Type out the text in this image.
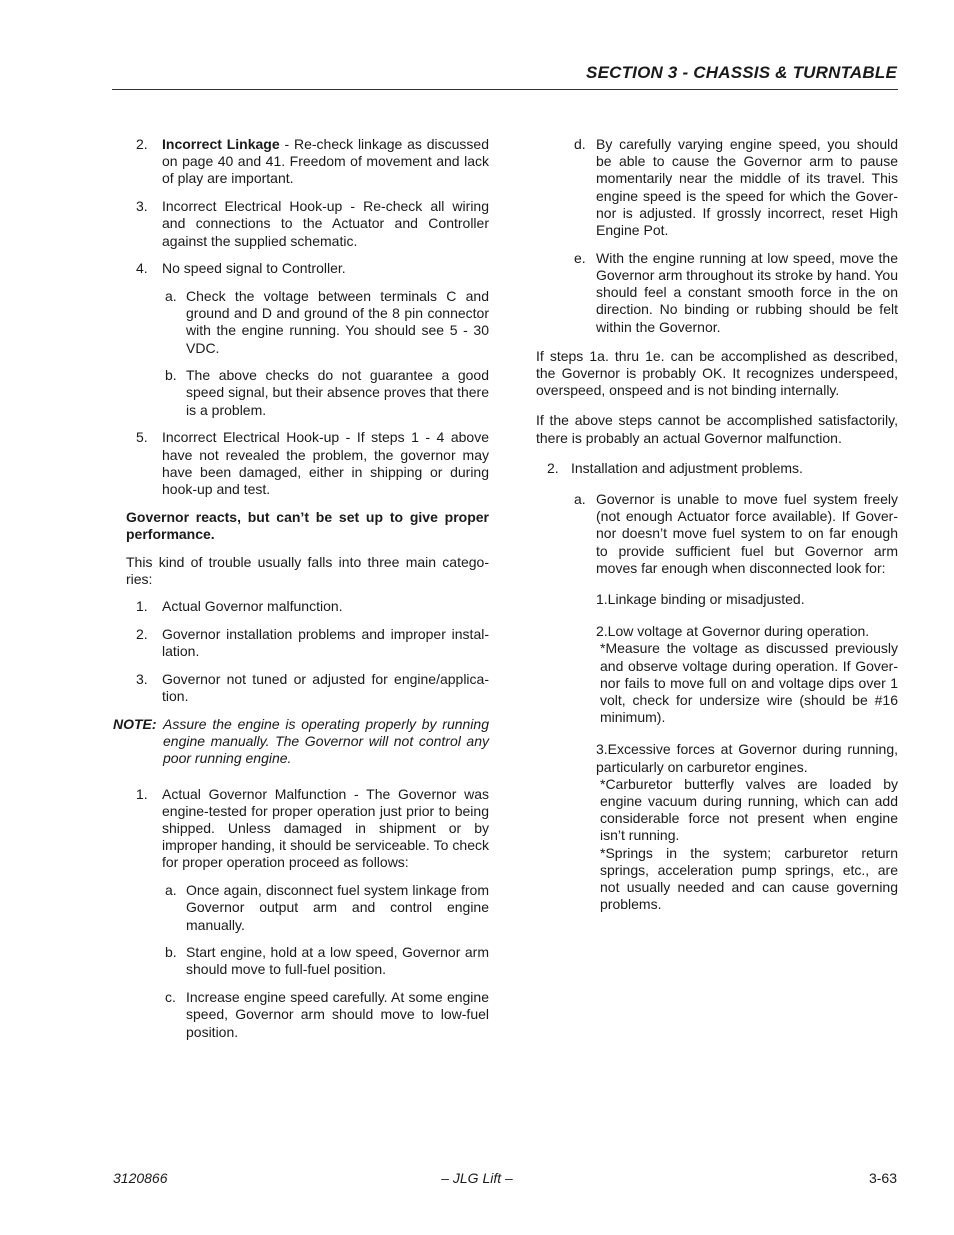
SECTION 3 - CHASSIS & TURNTABLE
2. Incorrect Linkage - Re-check linkage as discussed on page 40 and 41. Freedom of movement and lack of play are important.
3. Incorrect Electrical Hook-up - Re-check all wiring and connections to the Actuator and Controller against the supplied schematic.
4. No speed signal to Controller.
a. Check the voltage between terminals C and ground and D and ground of the 8 pin connector with the engine running. You should see 5 - 30 VDC.
b. The above checks do not guarantee a good speed signal, but their absence proves that there is a problem.
5. Incorrect Electrical Hook-up - If steps 1 - 4 above have not revealed the problem, the governor may have been damaged, either in shipping or during hook-up and test.

Governor reacts, but can’t be set up to give proper performance.

This kind of trouble usually falls into three main catego- ries:

1. Actual Governor malfunction.
2. Governor installation problems and improper instal- lation.
3. Governor not tuned or adjusted for engine/applica- tion.
NOTE: Assure the engine is operating properly by running engine manually. The Governor will not control any poor running engine.
1. Actual Governor Malfunction - The Governor was engine-tested for proper operation just prior to being shipped. Unless damaged in shipment or by improper handing, it should be serviceable. To check for proper operation proceed as follows:
a. Once again, disconnect fuel system linkage from Governor output arm and control engine manually.
b. Start engine, hold at a low speed, Governor arm should move to full-fuel position.
c. Increase engine speed carefully. At some engine speed, Governor arm should move to low-fuel position.
d. By carefully varying engine speed, you should be able to cause the Governor arm to pause momentarily near the middle of its travel. This engine speed is the speed for which the Gover- nor is adjusted. If grossly incorrect, reset High Engine Pot.
e. With the engine running at low speed, move the Governor arm throughout its stroke by hand. You should feel a constant smooth force in the on direction. No binding or rubbing should be felt within the Governor.

If steps 1a. thru 1e. can be accomplished as described, the Governor is probably OK. It recognizes underspeed, overspeed, onspeed and is not binding internally.

If the above steps cannot be accomplished satisfactorily, there is probably an actual Governor malfunction.

2. Installation and adjustment problems.
a. Governor is unable to move fuel system freely (not enough Actuator force available). If Gover- nor doesn’t move fuel system to on far enough to provide sufficient fuel but Governor arm moves far enough when disconnected look for:

1.Linkage binding or misadjusted.

2.Low voltage at Governor during operation.

*Measure the voltage as discussed previously and observe voltage during operation. If Gover- nor fails to move full on and voltage dips over 1 volt, check for undersize wire (should be #16 minimum).

3.Excessive forces at Governor during running, particularly on carburetor engines.

*Carburetor butterfly valves are loaded by engine vacuum during running, which can add considerable force not present when engine isn’t running.

*Springs in the system; carburetor return springs, acceleration pump springs, etc., are not usually needed and can cause governing problems.

3120866	– JLG Lift –	3-63
